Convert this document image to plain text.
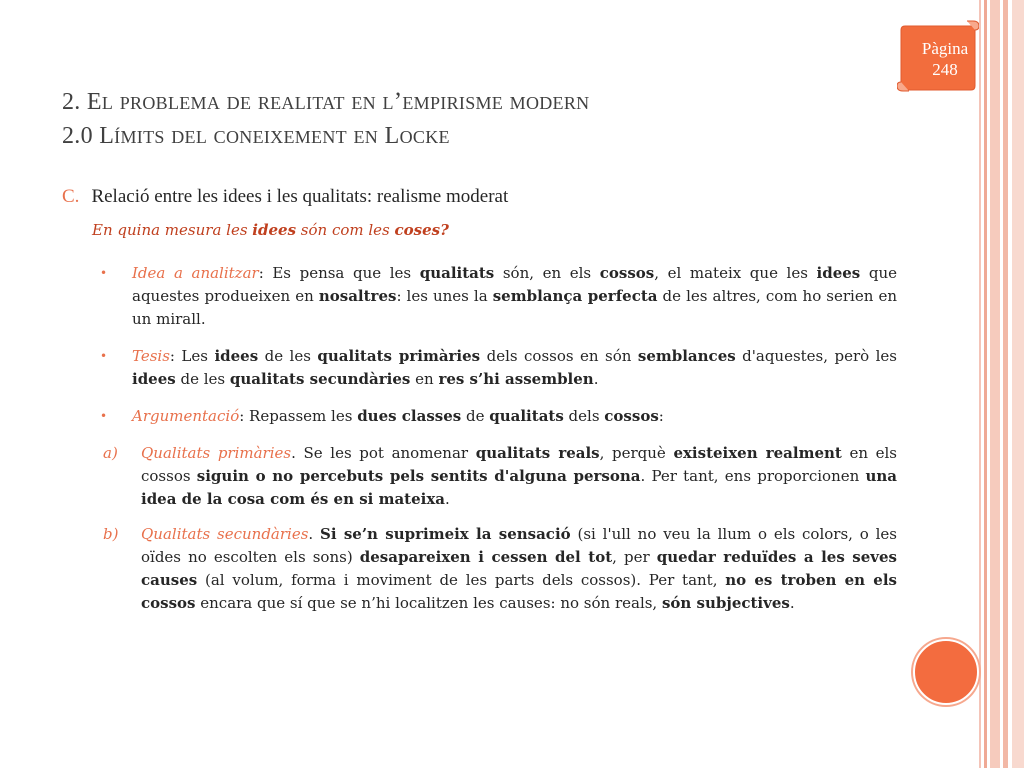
Pàgina
248
2. El problema de realitat en l’empirisme modern
2.0 Límits del coneixement en Locke
C. Relació entre les idees i les qualitats: realisme moderat
En quina mesura les idees són com les coses?
• Idea a analitzar: Es pensa que les qualitats són, en els cossos, el mateix que les idees que aquestes produeixen en nosaltres: les unes la semblança perfecta de les altres, com ho serien en un mirall.
• Tesis: Les idees de les qualitats primàries dels cossos en són semblances d'aquestes, però les idees de les qualitats secundàries en res s’hi assemblen.
• Argumentació: Repassem les dues classes de qualitats dels cossos:
a) Qualitats primàries. Se les pot anomenar qualitats reals, perquè existeixen realment en els cossos siguin o no percebuts pels sentits d'alguna persona. Per tant, ens proporcionen una idea de la cosa com és en si mateixa.
b) Qualitats secundàries. Si se’n suprimeix la sensació (si l'ull no veu la llum o els colors, o les oïdes no escolten els sons) desapareixen i cessen del tot, per quedar reduïdes a les seves causes (al volum, forma i moviment de les parts dels cossos). Per tant, no es troben en els cossos encara que sí que se n’hi localitzen les causes: no són reals, són subjectives.
